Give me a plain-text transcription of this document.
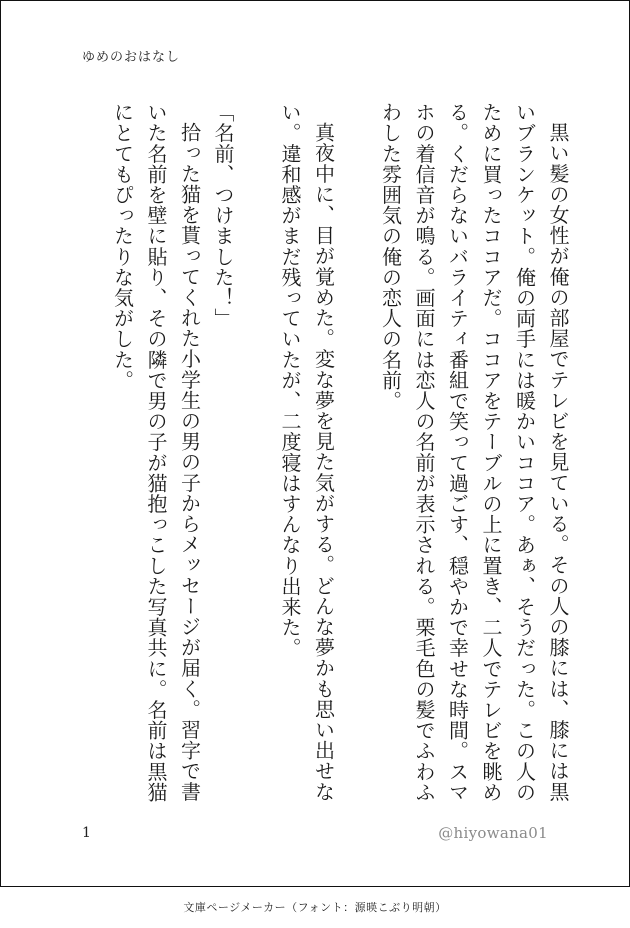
ゆめのおはなし

黒い髪の女性が俺の部屋でテレビを見ている。その人の膝には、膝には黒いブランケット。俺の両手には暖かいココア。あぁ、そうだった。この人のために買ったココアだ。ココアをテーブルの上に置き、二人でテレビを眺める。くだらないバライティ番組で笑って過ごす、穏やかで幸せな時間。スマホの着信音が鳴る。画面には恋人の名前が表示される。栗毛色の髪でふわふわした雰囲気の俺の恋人の名前。

真夜中に、目が覚めた。変な夢を見た気がする。どんな夢かも思い出せない。違和感がまだ残っていたが、二度寝はすんなり出来た。

「名前、つけました！」

拾った猫を貰ってくれた小学生の男の子からメッセージが届く。習字で書いた名前を壁に貼り、その隣で男の子が猫抱っこした写真共に。名前は黒猫にとてもぴったりな気がした。

1	@hiyowana01
文庫ページメーカー（フォント：源暎こぶり明朝）
